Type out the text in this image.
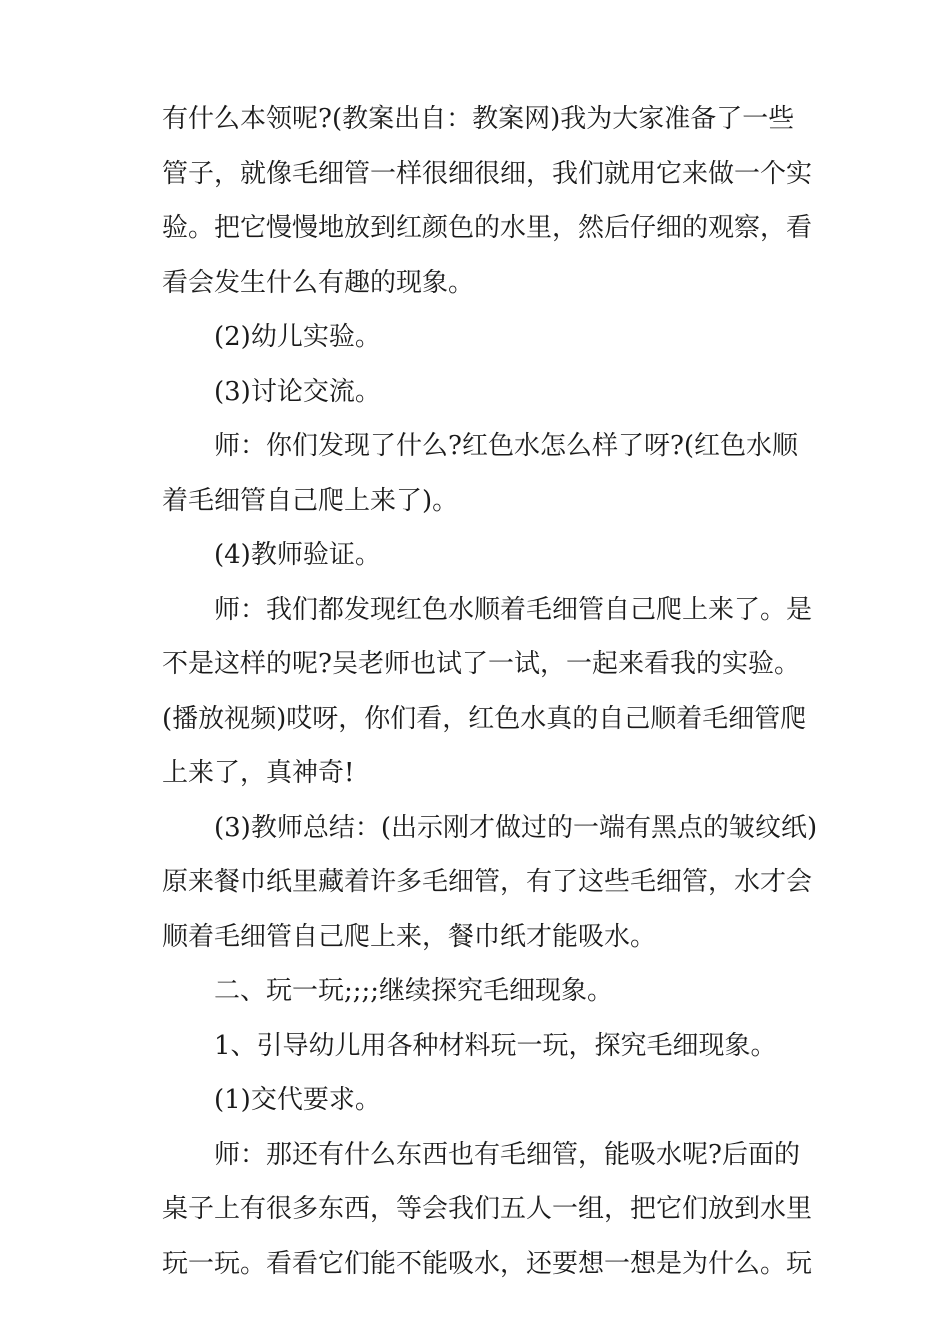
有什么本领呢?(教案出自：教案网)我为大家准备了一些
管子，就像毛细管一样很细很细，我们就用它来做一个实
验。把它慢慢地放到红颜色的水里，然后仔细的观察，看
看会发生什么有趣的现象。
(2)幼儿实验。
(3)讨论交流。
师：你们发现了什么?红色水怎么样了呀?(红色水顺
着毛细管自己爬上来了)。
(4)教师验证。
师：我们都发现红色水顺着毛细管自己爬上来了。是
不是这样的呢?吴老师也试了一试，一起来看我的实验。
(播放视频)哎呀，你们看，红色水真的自己顺着毛细管爬
上来了，真神奇!
(3)教师总结：(出示刚才做过的一端有黑点的皱纹纸)
原来餐巾纸里藏着许多毛细管，有了这些毛细管，水才会
顺着毛细管自己爬上来，餐巾纸才能吸水。
二、玩一玩;;;;继续探究毛细现象。
1、引导幼儿用各种材料玩一玩，探究毛细现象。
(1)交代要求。
师：那还有什么东西也有毛细管，能吸水呢?后面的
桌子上有很多东西，等会我们五人一组，把它们放到水里
玩一玩。看看它们能不能吸水，还要想一想是为什么。玩
